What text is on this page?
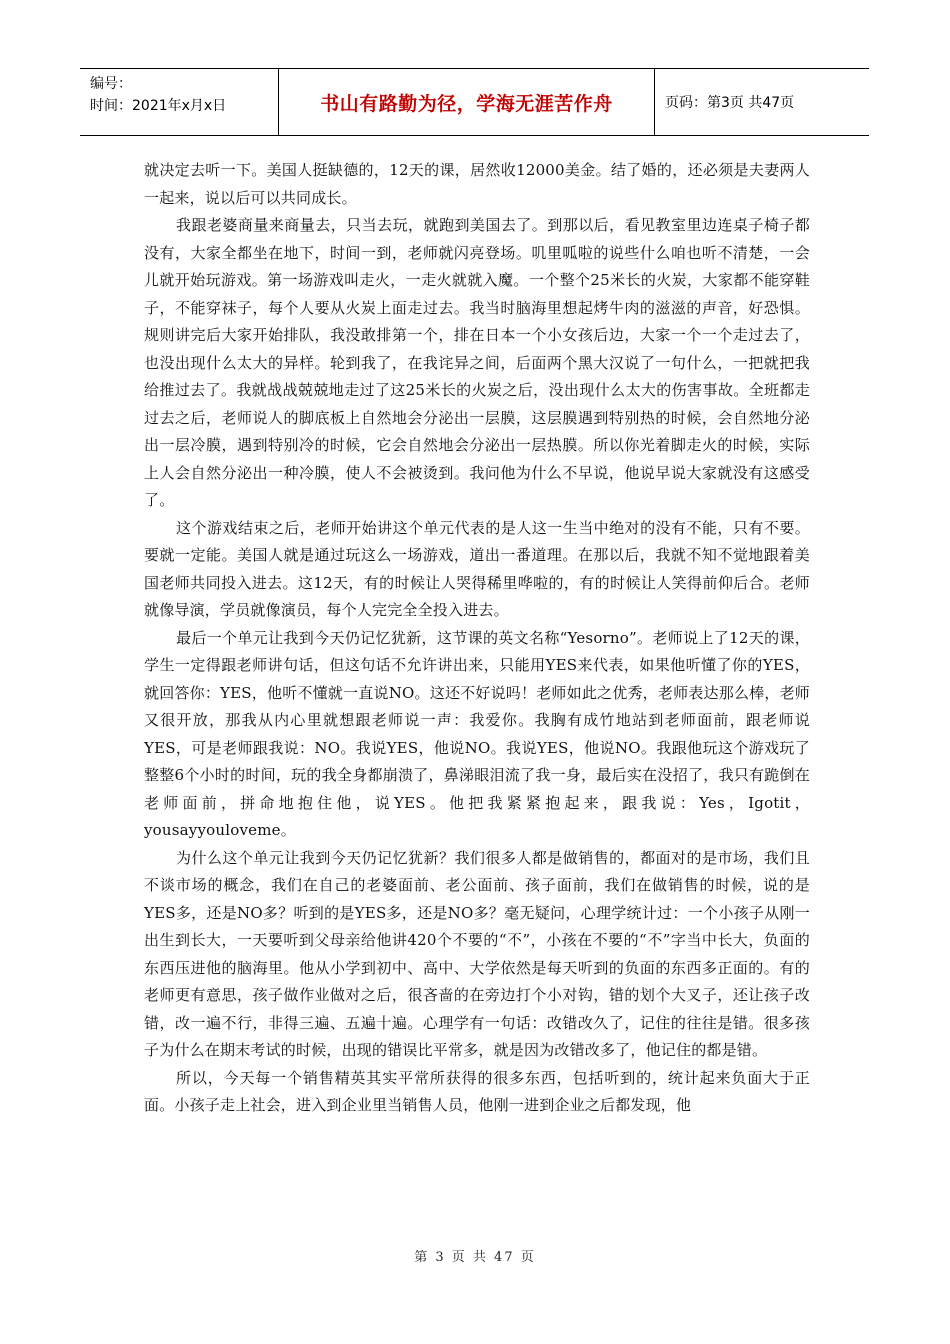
编号：
时间：2021年x月x日	书山有路勤为径，学海无涯苦作舟	页码：第3页 共47页

就决定去听一下。美国人挺缺德的，12天的课，居然收12000美金。结了婚的，还必须是夫妻两人一起来，说以后可以共同成长。

我跟老婆商量来商量去，只当去玩，就跑到美国去了。到那以后，看见教室里边连桌子椅子都没有，大家全都坐在地下，时间一到，老师就闪亮登场。叽里呱啦的说些什么咱也听不清楚，一会儿就开始玩游戏。第一场游戏叫走火，一走火就就入魔。一个整个25米长的火炭，大家都不能穿鞋子，不能穿袜子，每个人要从火炭上面走过去。我当时脑海里想起烤牛肉的滋滋的声音，好恐惧。规则讲完后大家开始排队，我没敢排第一个，排在日本一个小女孩后边，大家一个一个走过去了，也没出现什么太大的异样。轮到我了，在我诧异之间，后面两个黑大汉说了一句什么，一把就把我给推过去了。我就战战兢兢地走过了这25米长的火炭之后，没出现什么太大的伤害事故。全班都走过去之后，老师说人的脚底板上自然地会分泌出一层膜，这层膜遇到特别热的时候，会自然地分泌出一层冷膜，遇到特别冷的时候，它会自然地会分泌出一层热膜。所以你光着脚走火的时候，实际上人会自然分泌出一种冷膜，使人不会被烫到。我问他为什么不早说，他说早说大家就没有这感受了。

这个游戏结束之后，老师开始讲这个单元代表的是人这一生当中绝对的没有不能，只有不要。要就一定能。美国人就是通过玩这么一场游戏，道出一番道理。在那以后，我就不知不觉地跟着美国老师共同投入进去。这12天，有的时候让人哭得稀里哗啦的，有的时候让人笑得前仰后合。老师就像导演，学员就像演员，每个人完完全全投入进去。

最后一个单元让我到今天仍记忆犹新，这节课的英文名称“Yesorno”。老师说上了12天的课，学生一定得跟老师讲句话，但这句话不允许讲出来，只能用YES来代表，如果他听懂了你的YES，就回答你：YES，他听不懂就一直说NO。这还不好说吗！老师如此之优秀，老师表达那么棒，老师又很开放，那我从内心里就想跟老师说一声：我爱你。我胸有成竹地站到老师面前，跟老师说YES，可是老师跟我说：NO。我说YES，他说NO。我说YES，他说NO。我跟他玩这个游戏玩了整整6个小时的时间，玩的我全身都崩溃了，鼻涕眼泪流了我一身，最后实在没招了，我只有跪倒在老师面前，拼命地抱住他，说YES。他把我紧紧抱起来，跟我说：Yes，Igotit，yousayyouloveme。

为什么这个单元让我到今天仍记忆犹新？我们很多人都是做销售的，都面对的是市场，我们且不谈市场的概念，我们在自己的老婆面前、老公面前、孩子面前，我们在做销售的时候，说的是YES多，还是NO多？听到的是YES多，还是NO多？毫无疑问，心理学统计过：一个小孩子从刚一出生到长大，一天要听到父母亲给他讲420个不要的“不”，小孩在不要的“不”字当中长大，负面的东西压进他的脑海里。他从小学到初中、高中、大学依然是每天听到的负面的东西多正面的。有的老师更有意思，孩子做作业做对之后，很吝啬的在旁边打个小对钩，错的划个大叉子，还让孩子改错，改一遍不行，非得三遍、五遍十遍。心理学有一句话：改错改久了，记住的往往是错。很多孩子为什么在期末考试的时候，出现的错误比平常多，就是因为改错改多了，他记住的都是错。

所以，今天每一个销售精英其实平常所获得的很多东西，包括听到的，统计起来负面大于正面。小孩子走上社会，进入到企业里当销售人员，他刚一进到企业之后都发现，他

第 3 页 共 47 页
